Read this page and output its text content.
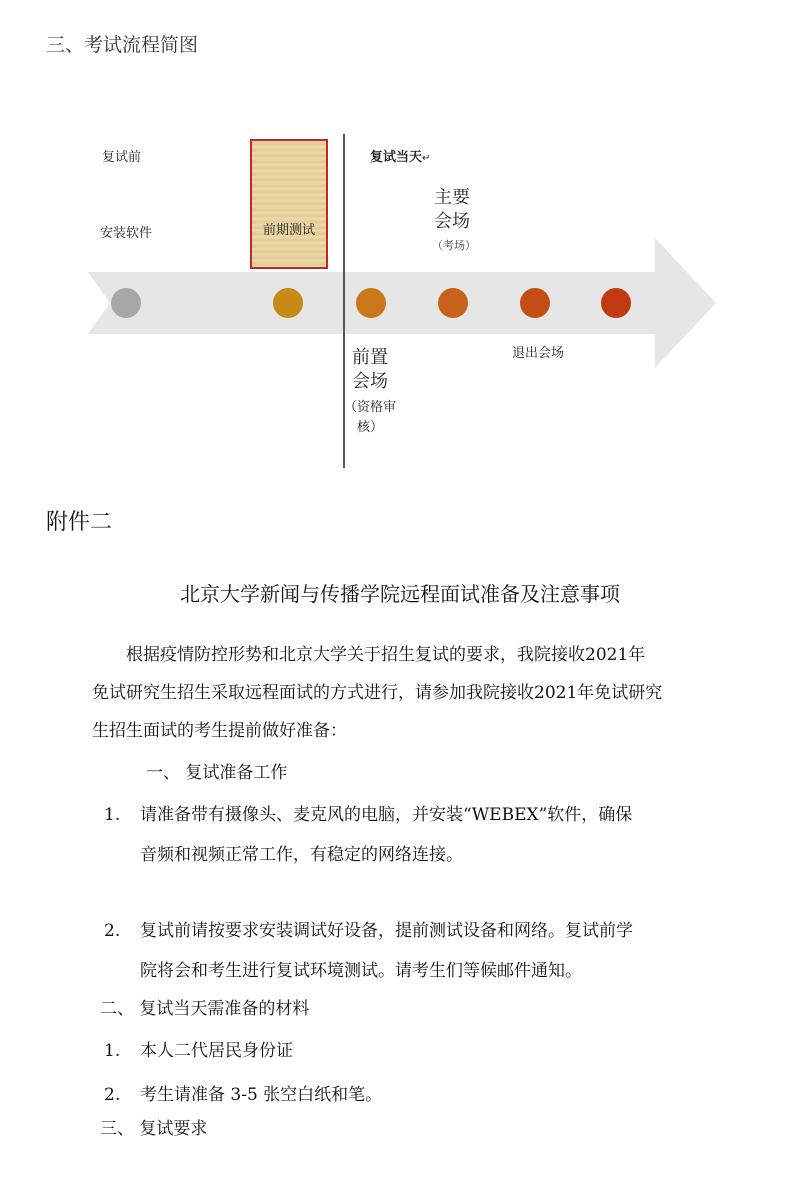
三、考试流程简图
复试前
前期测试
复试当天↵
安装软件
主要会场
（考场）
前置会场
（资格审核）
退出会场
附件二
北京大学新闻与传播学院远程面试准备及注意事项
根据疫情防控形势和北京大学关于招生复试的要求，我院接收2021年
免试研究生招生采取远程面试的方式进行，请参加我院接收2021年免试研究
生招生面试的考生提前做好准备：
一、 复试准备工作
1. 请准备带有摄像头、麦克风的电脑，并安装“WEBEX”软件，确保
音频和视频正常工作，有稳定的网络连接。
2. 复试前请按要求安装调试好设备，提前测试设备和网络。复试前学
院将会和考生进行复试环境测试。请考生们等候邮件通知。
二、 复试当天需准备的材料
1. 本人二代居民身份证
2. 考生请准备 3-5 张空白纸和笔。
三、 复试要求
